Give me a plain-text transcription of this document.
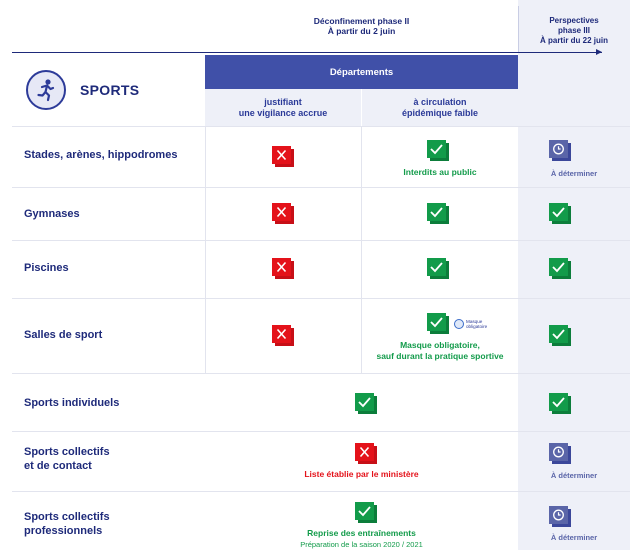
Déconfinement phase II
À partir du 2 juin
Perspectives
phase III
À partir du 22 juin
SPORTS
Départements
justifiant
une vigilance accrue
à circulation
épidémique faible
Stades, arènes, hippodromes
Gymnases
Piscines
Salles de sport
Sports individuels
Sports collectifs
et de contact
Sports collectifs
professionnels
Interdits au public	À déterminer
Masque
obligatoire
Masque obligatoire,
sauf durant la pratique sportive
Liste établie par le ministère	À déterminer
Reprise des entraînements
Préparation de la saison 2020 / 2021
À déterminer
